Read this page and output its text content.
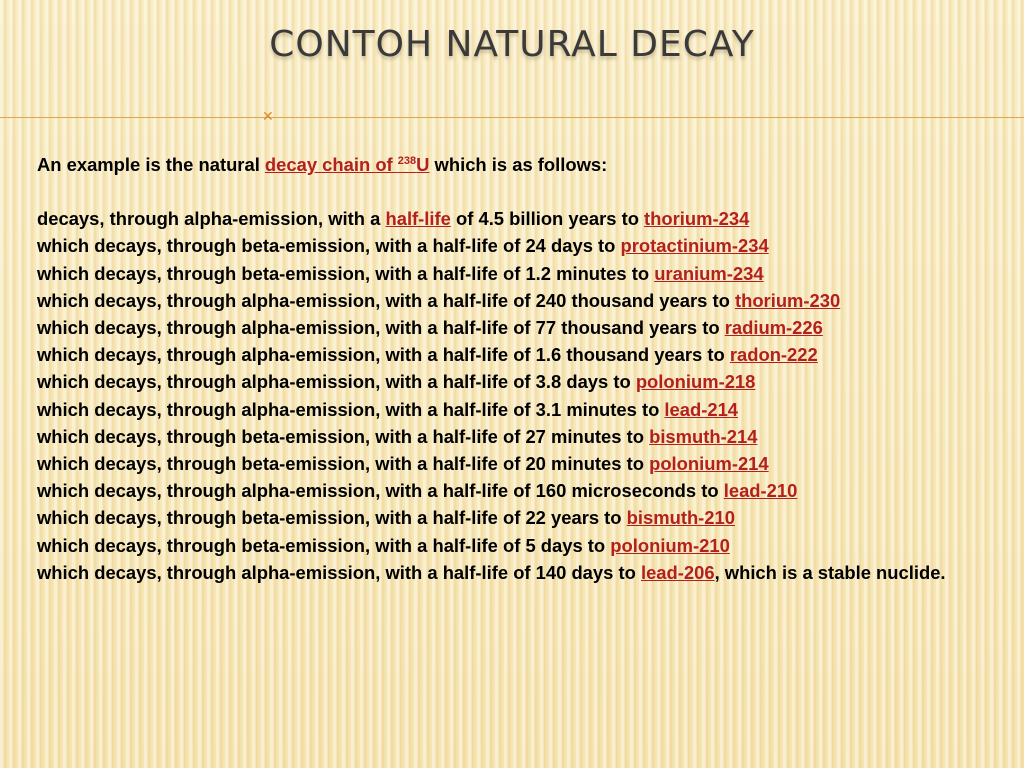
CONTOH NATURAL DECAY
✕

An example is the natural decay chain of $^{238}$U which is as follows:

decays, through alpha-emission, with a half-life of 4.5 billion years to thorium-234

which decays, through beta-emission, with a half-life of 24 days to protactinium-234

which decays, through beta-emission, with a half-life of 1.2 minutes to uranium-234

which decays, through alpha-emission, with a half-life of 240 thousand years to thorium-230

which decays, through alpha-emission, with a half-life of 77 thousand years to radium-226

which decays, through alpha-emission, with a half-life of 1.6 thousand years to radon-222

which decays, through alpha-emission, with a half-life of 3.8 days to polonium-218

which decays, through alpha-emission, with a half-life of 3.1 minutes to lead-214

which decays, through beta-emission, with a half-life of 27 minutes to bismuth-214

which decays, through beta-emission, with a half-life of 20 minutes to polonium-214

which decays, through alpha-emission, with a half-life of 160 microseconds to lead-210

which decays, through beta-emission, with a half-life of 22 years to bismuth-210

which decays, through beta-emission, with a half-life of 5 days to polonium-210

which decays, through alpha-emission, with a half-life of 140 days to lead-206, which is a stable nuclide.
